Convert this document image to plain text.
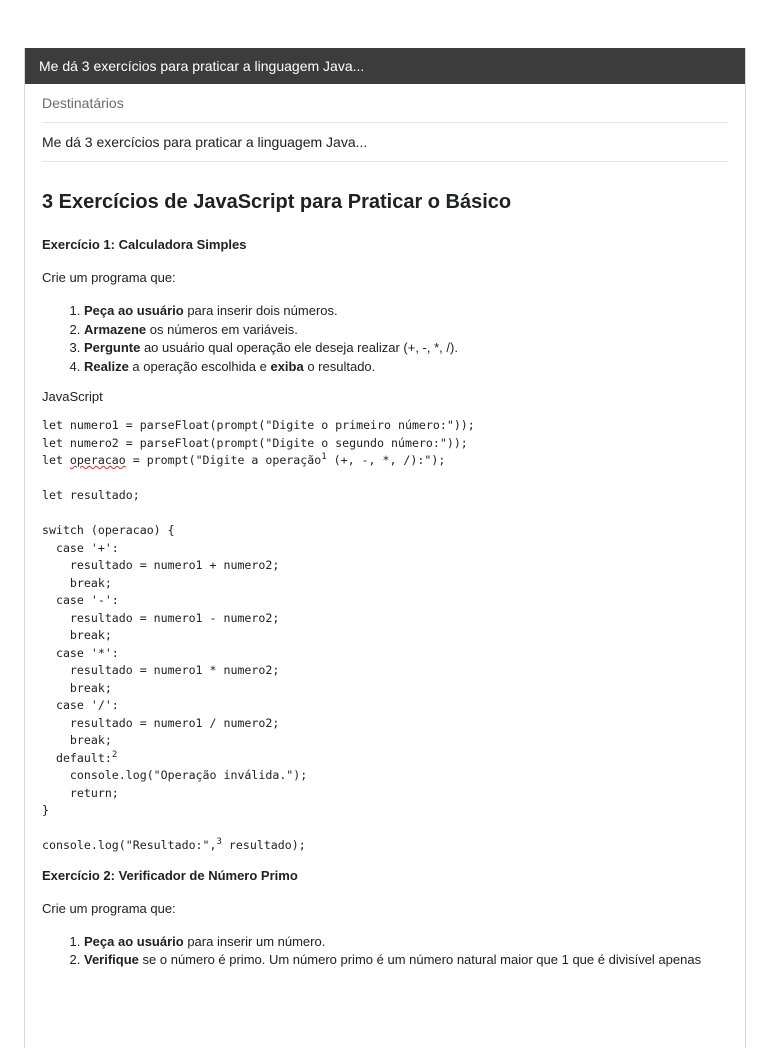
Me dá 3 exercícios para praticar a linguagem Java...
Destinatários
Me dá 3 exercícios para praticar a linguagem Java...
3 Exercícios de JavaScript para Praticar o Básico
Exercício 1: Calculadora Simples
Crie um programa que:
1. Peça ao usuário para inserir dois números.
2. Armazene os números em variáveis.
3. Pergunte ao usuário qual operação ele deseja realizar (+, -, *, /).
4. Realize a operação escolhida e exiba o resultado.
JavaScript
let numero1 = parseFloat(prompt("Digite o primeiro número:"));
let numero2 = parseFloat(prompt("Digite o segundo número:"));
let operacao = prompt("Digite a operação$^1$ (+, -, *, /):");

let resultado;

switch (operacao) {
case '+':
resultado = numero1 + numero2;
break;
case '-':
resultado = numero1 - numero2;
break;
case '*':
resultado = numero1 * numero2;
break;
case '/':
resultado = numero1 / numero2;
break;
default:$^2$
console.log("Operação inválida.");
return;
}

console.log("Resultado:",$^3$ resultado);
Exercício 2: Verificador de Número Primo
Crie um programa que:
1. Peça ao usuário para inserir um número.
2. Verifique se o número é primo. Um número primo é um número natural maior que 1 que é divisível apenas
